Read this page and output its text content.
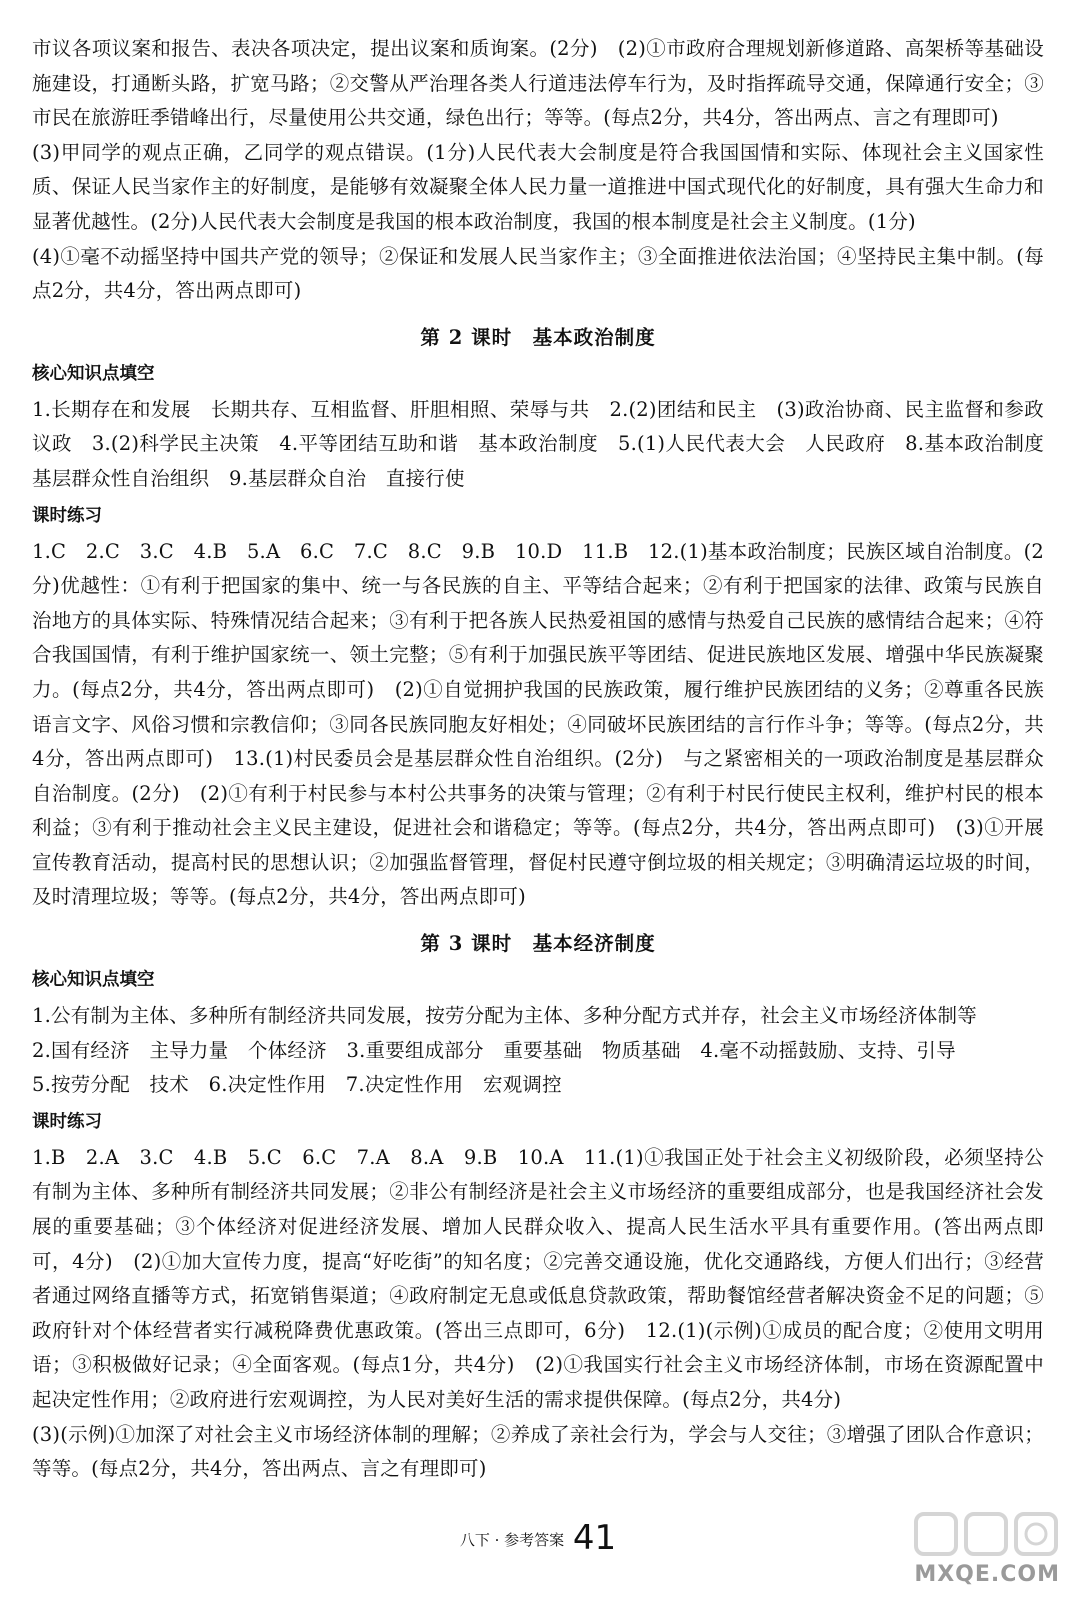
市议各项议案和报告、表决各项决定，提出议案和质询案。(2分)　(2)①市政府合理规划新修道路、高架桥等基础设施建设，打通断头路，扩宽马路；②交警从严治理各类人行道违法停车行为，及时指挥疏导交通，保障通行安全；③市民在旅游旺季错峰出行，尽量使用公共交通，绿色出行；等等。(每点2分，共4分，答出两点、言之有理即可)

(3)甲同学的观点正确，乙同学的观点错误。(1分)人民代表大会制度是符合我国国情和实际、体现社会主义国家性质、保证人民当家作主的好制度，是能够有效凝聚全体人民力量一道推进中国式现代化的好制度，具有强大生命力和显著优越性。(2分)人民代表大会制度是我国的根本政治制度，我国的根本制度是社会主义制度。(1分)

(4)①毫不动摇坚持中国共产党的领导；②保证和发展人民当家作主；③全面推进依法治国；④坚持民主集中制。(每点2分，共4分，答出两点即可)

第 2 课时　基本政治制度
核心知识点填空

1.长期存在和发展　长期共存、互相监督、肝胆相照、荣辱与共　2.(2)团结和民主　(3)政治协商、民主监督和参政议政　3.(2)科学民主决策　4.平等团结互助和谐　基本政治制度　5.(1)人民代表大会　人民政府　8.基本政治制度　基层群众性自治组织　9.基层群众自治　直接行使

课时练习

1.C　2.C　3.C　4.B　5.A　6.C　7.C　8.C　9.B　10.D　11.B　12.(1)基本政治制度；民族区域自治制度。(2分)优越性：①有利于把国家的集中、统一与各民族的自主、平等结合起来；②有利于把国家的法律、政策与民族自治地方的具体实际、特殊情况结合起来；③有利于把各族人民热爱祖国的感情与热爱自己民族的感情结合起来；④符合我国国情，有利于维护国家统一、领土完整；⑤有利于加强民族平等团结、促进民族地区发展、增强中华民族凝聚力。(每点2分，共4分，答出两点即可)　(2)①自觉拥护我国的民族政策，履行维护民族团结的义务；②尊重各民族语言文字、风俗习惯和宗教信仰；③同各民族同胞友好相处；④同破坏民族团结的言行作斗争；等等。(每点2分，共4分，答出两点即可)　13.(1)村民委员会是基层群众性自治组织。(2分)　与之紧密相关的一项政治制度是基层群众自治制度。(2分)　(2)①有利于村民参与本村公共事务的决策与管理；②有利于村民行使民主权利，维护村民的根本利益；③有利于推动社会主义民主建设，促进社会和谐稳定；等等。(每点2分，共4分，答出两点即可)　(3)①开展宣传教育活动，提高村民的思想认识；②加强监督管理，督促村民遵守倒垃圾的相关规定；③明确清运垃圾的时间，及时清理垃圾；等等。(每点2分，共4分，答出两点即可)

第 3 课时　基本经济制度
核心知识点填空

1.公有制为主体、多种所有制经济共同发展，按劳分配为主体、多种分配方式并存，社会主义市场经济体制等

2.国有经济　主导力量　个体经济　3.重要组成部分　重要基础　物质基础　4.毫不动摇鼓励、支持、引导

5.按劳分配　技术　6.决定性作用　7.决定性作用　宏观调控

课时练习

1.B　2.A　3.C　4.B　5.C　6.C　7.A　8.A　9.B　10.A　11.(1)①我国正处于社会主义初级阶段，必须坚持公有制为主体、多种所有制经济共同发展；②非公有制经济是社会主义市场经济的重要组成部分，也是我国经济社会发展的重要基础；③个体经济对促进经济发展、增加人民群众收入、提高人民生活水平具有重要作用。(答出两点即可，4分)　(2)①加大宣传力度，提高“好吃街”的知名度；②完善交通设施，优化交通路线，方便人们出行；③经营者通过网络直播等方式，拓宽销售渠道；④政府制定无息或低息贷款政策，帮助餐馆经营者解决资金不足的问题；⑤政府针对个体经营者实行减税降费优惠政策。(答出三点即可，6分)　12.(1)(示例)①成员的配合度；②使用文明用语；③积极做好记录；④全面客观。(每点1分，共4分)　(2)①我国实行社会主义市场经济体制，市场在资源配置中起决定性作用；②政府进行宏观调控，为人民对美好生活的需求提供保障。(每点2分，共4分)

(3)(示例)①加深了对社会主义市场经济体制的理解；②养成了亲社会行为，学会与人交往；③增强了团队合作意识；等等。(每点2分，共4分，答出两点、言之有理即可)

八下 · 参考答案 41
MXQE.COM
